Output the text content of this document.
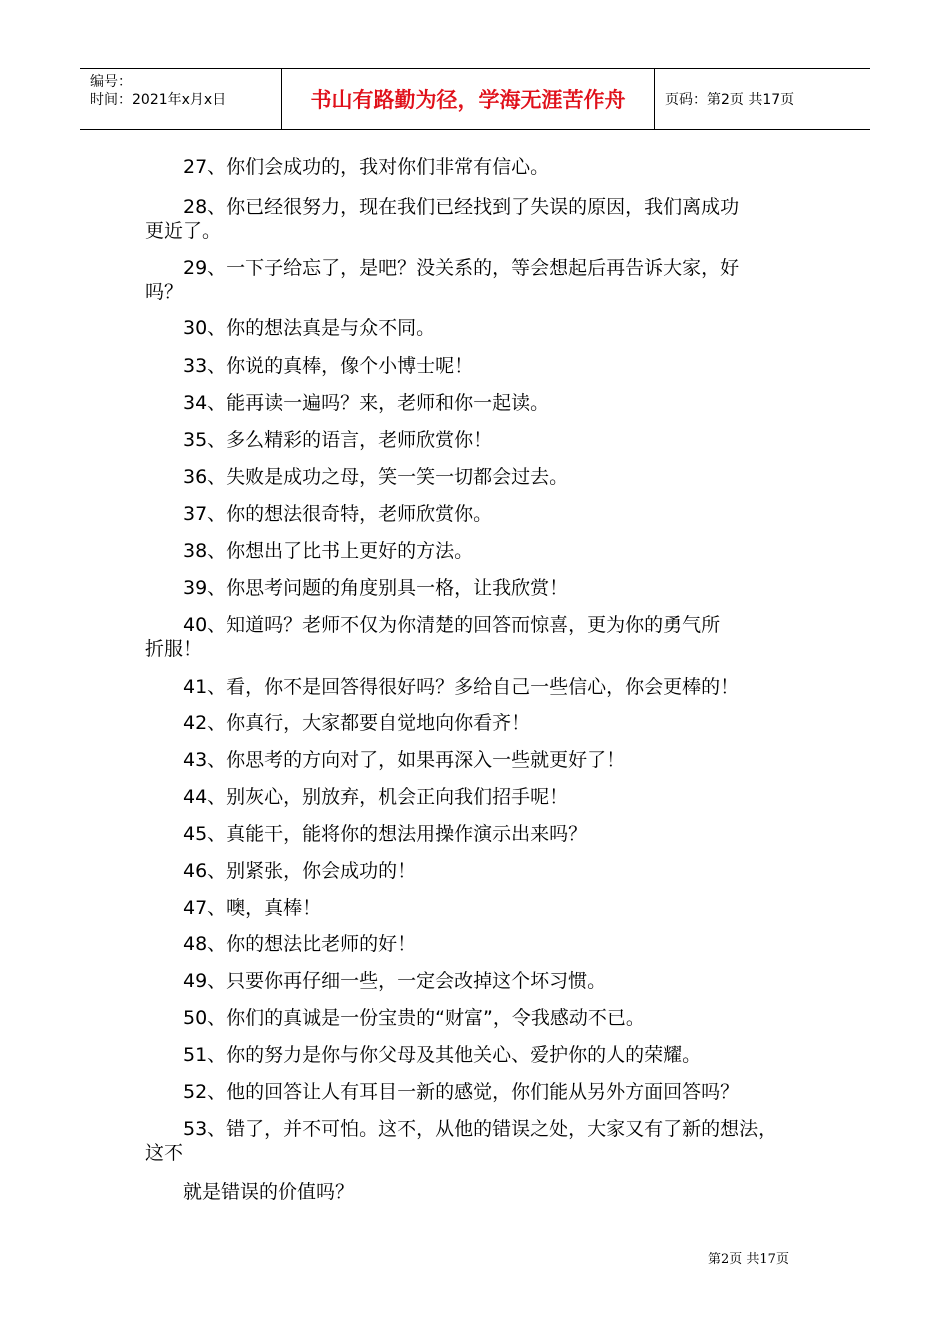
编号：
时间：2021年x月x日	书山有路勤为径，学海无涯苦作舟	页码：第2页 共17页
27、你们会成功的，我对你们非常有信心。
28、你已经很努力，现在我们已经找到了失误的原因，我们离成功
更近了。
29、一下子给忘了，是吧？没关系的，等会想起后再告诉大家，好
吗？
30、你的想法真是与众不同。
33、你说的真棒，像个小博士呢！
34、能再读一遍吗？来，老师和你一起读。
35、多么精彩的语言，老师欣赏你！
36、失败是成功之母，笑一笑一切都会过去。
37、你的想法很奇特，老师欣赏你。
38、你想出了比书上更好的方法。
39、你思考问题的角度别具一格，让我欣赏！
40、知道吗？老师不仅为你清楚的回答而惊喜，更为你的勇气所
折服！
41、看，你不是回答得很好吗？多给自己一些信心，你会更棒的！
42、你真行，大家都要自觉地向你看齐！
43、你思考的方向对了，如果再深入一些就更好了！
44、别灰心，别放弃，机会正向我们招手呢！
45、真能干，能将你的想法用操作演示出来吗？
46、别紧张，你会成功的！
47、噢，真棒！
48、你的想法比老师的好！
49、只要你再仔细一些，一定会改掉这个坏习惯。
50、你们的真诚是一份宝贵的“财富”，令我感动不已。
51、你的努力是你与你父母及其他关心、爱护你的人的荣耀。
52、他的回答让人有耳目一新的感觉，你们能从另外方面回答吗？
53、错了，并不可怕。这不，从他的错误之处，大家又有了新的想法，
这不
就是错误的价值吗？
第2页 共17页
